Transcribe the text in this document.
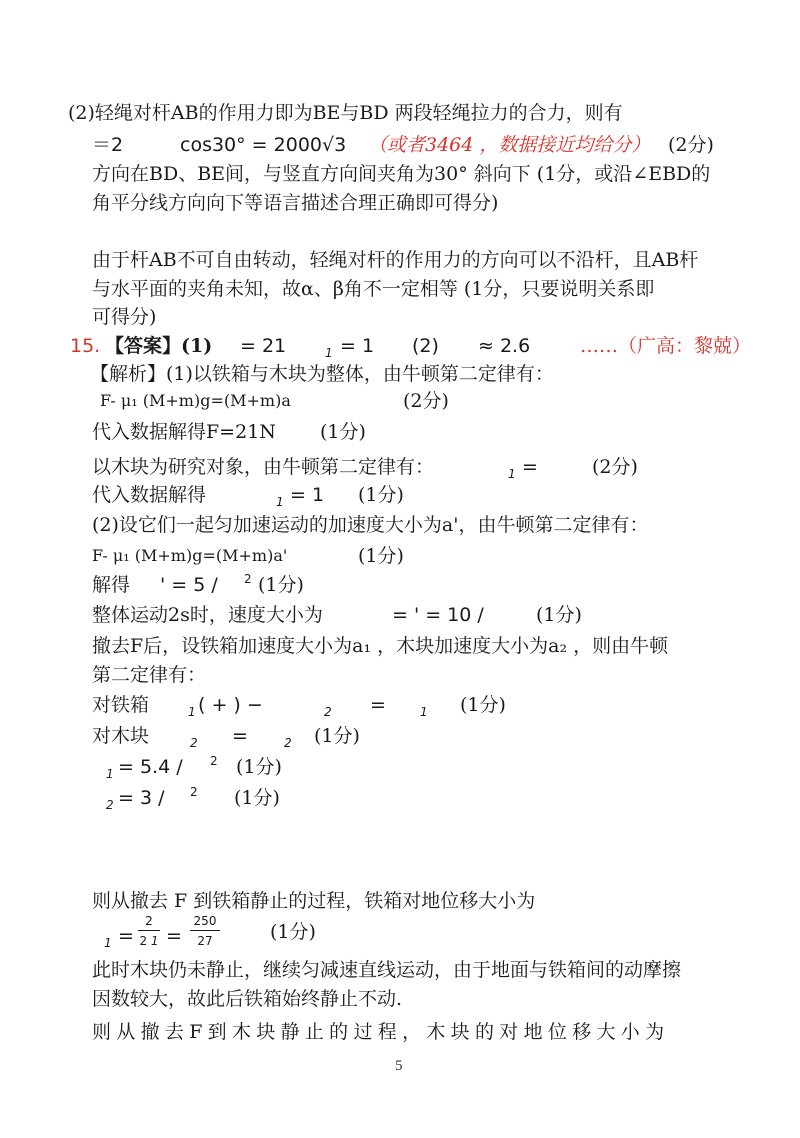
(2)轻绳对杆AB的作用力即为BE与BD 两段轻绳拉力的合力，则有
＝2	cos30° = 2000√3 （或者3464 ，数据接近均给分） (2分)
方向在BD、BE间，与竖直方向间夹角为30° 斜向下 (1分，或沿∠EBD的
角平分线方向向下等语言描述合理正确即可得分)
由于杆AB不可自由转动，轻绳对杆的作用力的方向可以不沿杆，且AB杆
与水平面的夹角未知，故α、β角不一定相等 (1分，只要说明关系即
可得分)
15. 【答案】(1) = 21	$_1$ = 1 (2) ≈ 2.6	……（广高：黎兢）
【解析】(1)以铁箱与木块为整体，由牛顿第二定律有：
F- μ₁ (M+m)g=(M+m)a	(2分)
代入数据解得F=21N (1分)
以木块为研究对象，由牛顿第二定律有：	$_1$ =	(2分)
代入数据解得	$_1$ = 1 (1分)
(2)设它们一起匀加速运动的加速度大小为a'，由牛顿第二定律有：
F- μ₁ (M+m)g=(M+m)a'	(1分)
解得 ' = 5 / $^2$ (1分)
整体运动2s时，速度大小为	= ' = 10 /	(1分)
撤去F后，设铁箱加速度大小为a₁ ，木块加速度大小为a₂ ，则由牛顿
第二定律有：
对铁箱	$_1$ ( + ) −	$_2$ =	$_1$ (1分)
对木块	$_2$ =	$_2$ (1分)
$_1$ = 5.4 / $^2$ (1分)
$_2$ = 3 / $^2$ (1分)
则从撤去 F 到铁箱静止的过程，铁箱对地位移大小为
$_1$ =
2
2 1 =
250
27	(1分)
此时木块仍未静止，继续匀减速直线运动，由于地面与铁箱间的动摩擦
因数较大，故此后铁箱始终静止不动.
则从撤去F到木块静止的过程，木块的对地位移大小为
5
